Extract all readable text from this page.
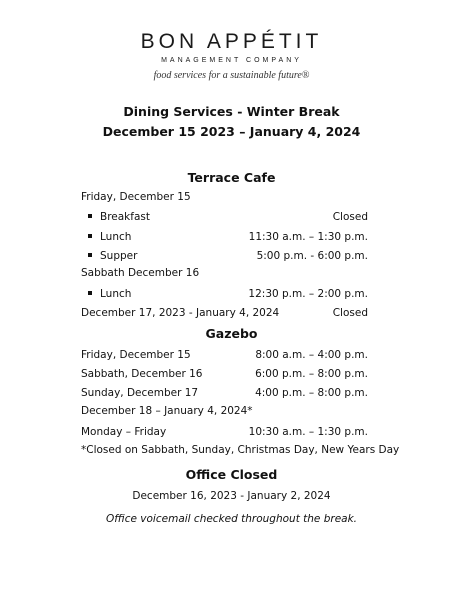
BON APPÉTIT
MANAGEMENT COMPANY
food services for a sustainable future®
Dining Services - Winter Break
December 15 2023 – January 4, 2024
Terrace Cafe
Friday, December 15
Breakfast	Closed
Lunch	11:30 a.m. – 1:30 p.m.
Supper	5:00 p.m. - 6:00 p.m.
Sabbath December 16
Lunch	12:30 p.m. – 2:00 p.m.
December 17, 2023 - January 4, 2024	Closed
Gazebo
Friday, December 15	8:00 a.m. – 4:00 p.m.
Sabbath, December 16	6:00 p.m. – 8:00 p.m.
Sunday, December 17	4:00 p.m. – 8:00 p.m.
December 18 – January 4, 2024*
Monday – Friday	10:30 a.m. – 1:30 p.m.
*Closed on Sabbath, Sunday, Christmas Day, New Years Day
Office Closed
December 16, 2023 - January 2, 2024
Office voicemail checked throughout the break.
